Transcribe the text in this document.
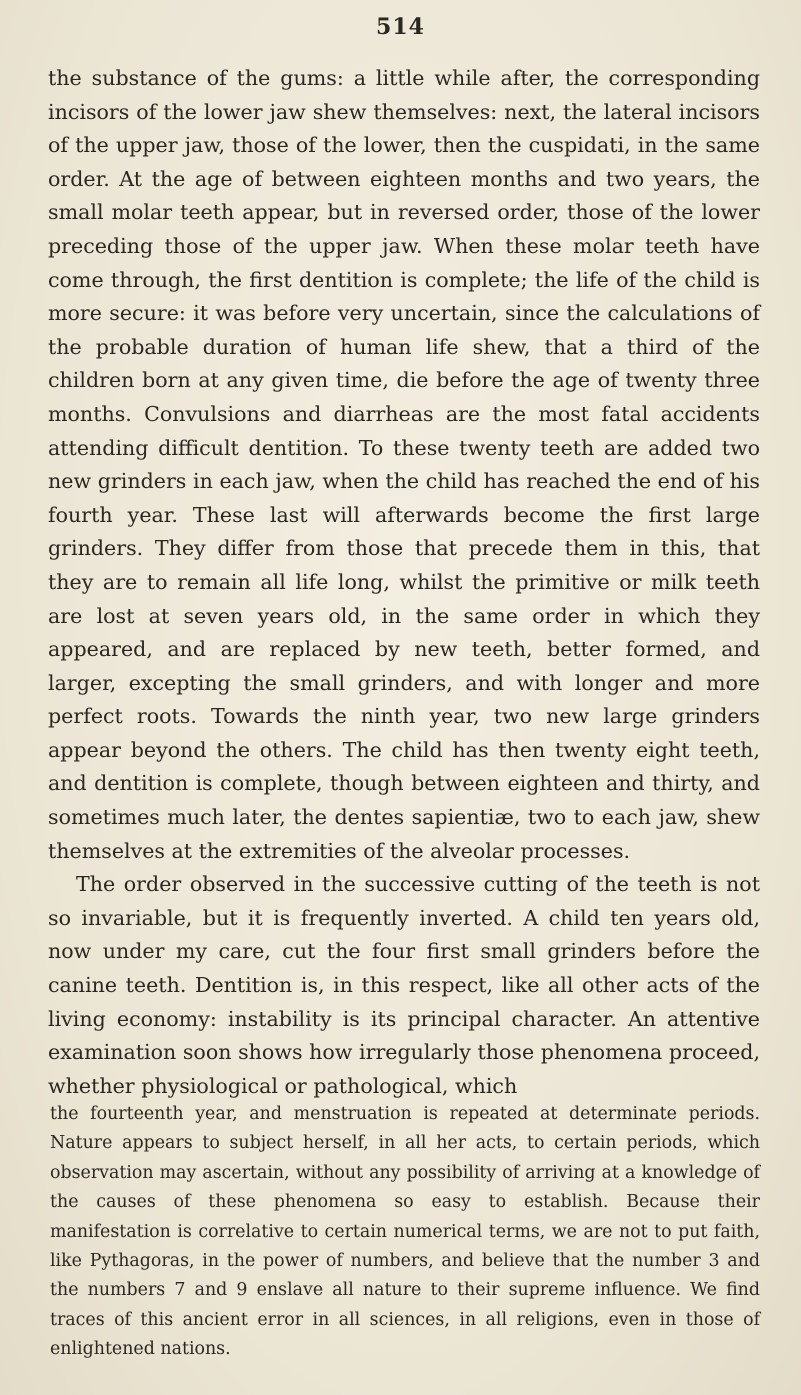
514

the substance of the gums: a little while after, the corresponding incisors of the lower jaw shew themselves: next, the lateral incisors of the upper jaw, those of the lower, then the cuspidati, in the same order. At the age of between eighteen months and two years, the small molar teeth appear, but in reversed order, those of the lower preceding those of the upper jaw. When these molar teeth have come through, the first dentition is complete; the life of the child is more secure: it was before very uncertain, since the calculations of the probable duration of human life shew, that a third of the children born at any given time, die before the age of twenty three months. Convulsions and diarrheas are the most fatal accidents attending difficult dentition. To these twenty teeth are added two new grinders in each jaw, when the child has reached the end of his fourth year. These last will afterwards become the first large grinders. They differ from those that precede them in this, that they are to remain all life long, whilst the primitive or milk teeth are lost at seven years old, in the same order in which they appeared, and are replaced by new teeth, better formed, and larger, excepting the small grinders, and with longer and more perfect roots. Towards the ninth year, two new large grinders appear beyond the others. The child has then twenty eight teeth, and dentition is complete, though between eighteen and thirty, and sometimes much later, the dentes sapientiæ, two to each jaw, shew themselves at the extremities of the alveolar processes.

The order observed in the successive cutting of the teeth is not so invariable, but it is frequently inverted. A child ten years old, now under my care, cut the four first small grinders before the canine teeth. Dentition is, in this respect, like all other acts of the living economy: instability is its principal character. An attentive examination soon shows how irregularly those phenomena proceed, whether physiological or pathological, which

the fourteenth year, and menstruation is repeated at determinate periods. Nature appears to subject herself, in all her acts, to certain periods, which observation may ascertain, without any possibility of arriving at a knowledge of the causes of these phenomena so easy to establish. Because their manifestation is correlative to certain numerical terms, we are not to put faith, like Pythagoras, in the power of numbers, and believe that the number 3 and the numbers 7 and 9 enslave all nature to their supreme influence. We find traces of this ancient error in all sciences, in all religions, even in those of enlightened nations.
